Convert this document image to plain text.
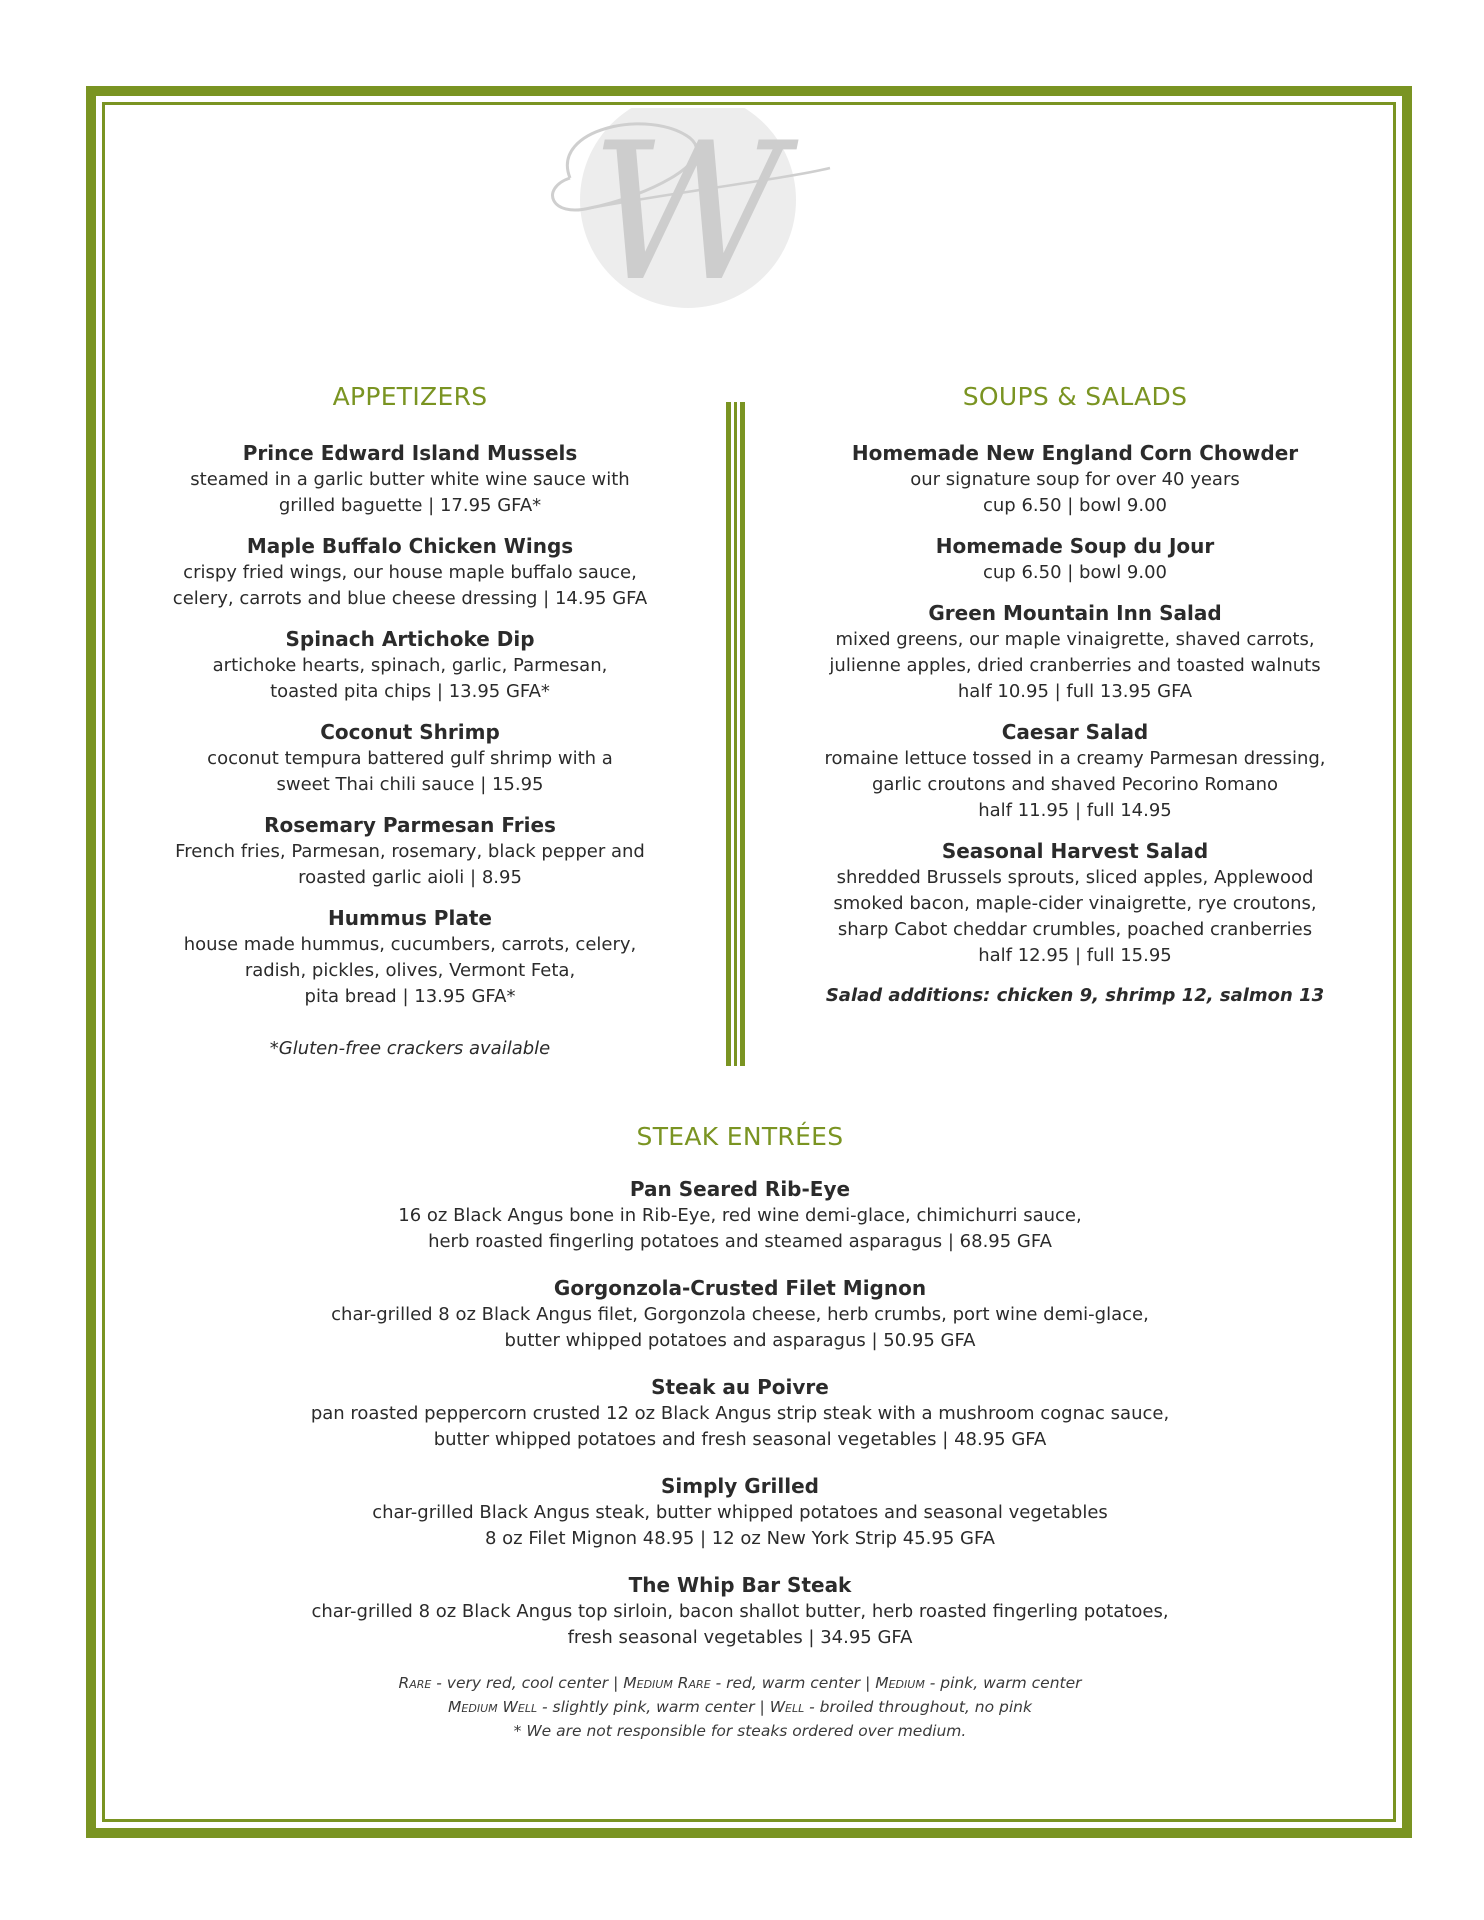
W
APPETIZERS
Prince Edward Island Mussels
steamed in a garlic butter white wine sauce with
grilled baguette | 17.95 GFA*
Maple Buffalo Chicken Wings
crispy fried wings, our house maple buffalo sauce,
celery, carrots and blue cheese dressing | 14.95 GFA
Spinach Artichoke Dip
artichoke hearts, spinach, garlic, Parmesan,
toasted pita chips | 13.95 GFA*
Coconut Shrimp
coconut tempura battered gulf shrimp with a
sweet Thai chili sauce | 15.95
Rosemary Parmesan Fries
French fries, Parmesan, rosemary, black pepper and
roasted garlic aioli | 8.95
Hummus Plate
house made hummus, cucumbers, carrots, celery,
radish, pickles, olives, Vermont Feta,
pita bread | 13.95 GFA*
*Gluten-free crackers available
SOUPS & SALADS
Homemade New England Corn Chowder
our signature soup for over 40 years
cup 6.50 | bowl 9.00
Homemade Soup du Jour
cup 6.50 | bowl 9.00
Green Mountain Inn Salad
mixed greens, our maple vinaigrette, shaved carrots,
julienne apples, dried cranberries and toasted walnuts
half 10.95 | full 13.95 GFA
Caesar Salad
romaine lettuce tossed in a creamy Parmesan dressing,
garlic croutons and shaved Pecorino Romano
half 11.95 | full 14.95
Seasonal Harvest Salad
shredded Brussels sprouts, sliced apples, Applewood
smoked bacon, maple-cider vinaigrette, rye croutons,
sharp Cabot cheddar crumbles, poached cranberries
half 12.95 | full 15.95
Salad additions: chicken 9, shrimp 12, salmon 13
STEAK ENTRÉES
Pan Seared Rib-Eye
16 oz Black Angus bone in Rib-Eye, red wine demi-glace, chimichurri sauce,
herb roasted fingerling potatoes and steamed asparagus | 68.95 GFA
Gorgonzola-Crusted Filet Mignon
char-grilled 8 oz Black Angus filet, Gorgonzola cheese, herb crumbs, port wine demi-glace,
butter whipped potatoes and asparagus | 50.95 GFA
Steak au Poivre
pan roasted peppercorn crusted 12 oz Black Angus strip steak with a mushroom cognac sauce,
butter whipped potatoes and fresh seasonal vegetables | 48.95 GFA
Simply Grilled
char-grilled Black Angus steak, butter whipped potatoes and seasonal vegetables
8 oz Filet Mignon 48.95 | 12 oz New York Strip 45.95 GFA
The Whip Bar Steak
char-grilled 8 oz Black Angus top sirloin, bacon shallot butter, herb roasted fingerling potatoes,
fresh seasonal vegetables | 34.95 GFA
Rare - very red, cool center | Medium Rare - red, warm center | Medium - pink, warm center
Medium Well - slightly pink, warm center | Well - broiled throughout, no pink
* We are not responsible for steaks ordered over medium.
